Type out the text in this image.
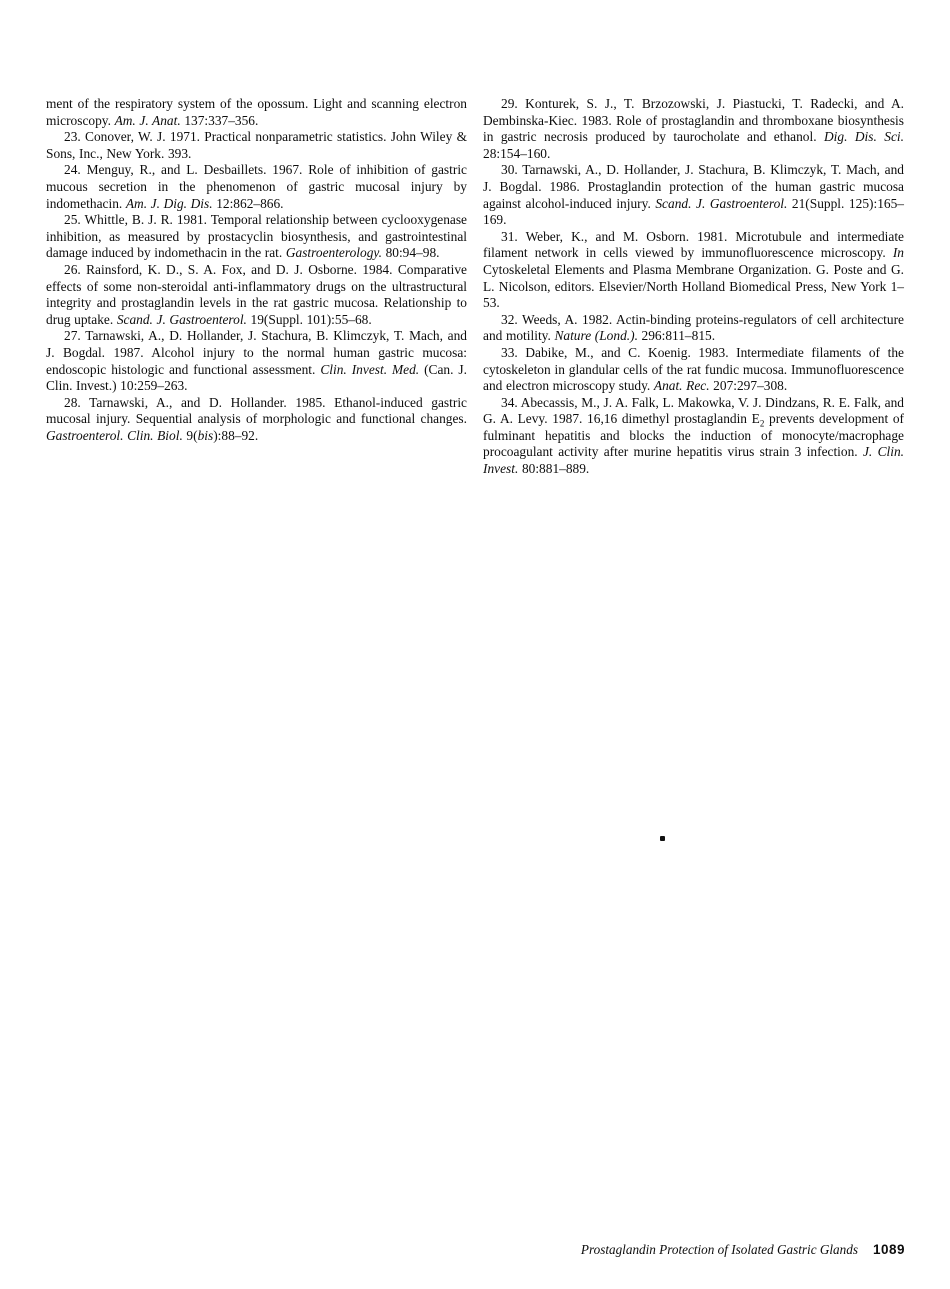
ment of the respiratory system of the opossum. Light and scanning electron microscopy. Am. J. Anat. 137:337–356.

23. Conover, W. J. 1971. Practical nonparametric statistics. John Wiley & Sons, Inc., New York. 393.

24. Menguy, R., and L. Desbaillets. 1967. Role of inhibition of gastric mucous secretion in the phenomenon of gastric mucosal injury by indomethacin. Am. J. Dig. Dis. 12:862–866.

25. Whittle, B. J. R. 1981. Temporal relationship between cyclooxygenase inhibition, as measured by prostacyclin biosynthesis, and gastrointestinal damage induced by indomethacin in the rat. Gastroenterology. 80:94–98.

26. Rainsford, K. D., S. A. Fox, and D. J. Osborne. 1984. Comparative effects of some non-steroidal anti-inflammatory drugs on the ultrastructural integrity and prostaglandin levels in the rat gastric mucosa. Relationship to drug uptake. Scand. J. Gastroenterol. 19(Suppl. 101):55–68.

27. Tarnawski, A., D. Hollander, J. Stachura, B. Klimczyk, T. Mach, and J. Bogdal. 1987. Alcohol injury to the normal human gastric mucosa: endoscopic histologic and functional assessment. Clin. Invest. Med. (Can. J. Clin. Invest.) 10:259–263.

28. Tarnawski, A., and D. Hollander. 1985. Ethanol-induced gastric mucosal injury. Sequential analysis of morphologic and functional changes. Gastroenterol. Clin. Biol. 9(bis):88–92.

29. Konturek, S. J., T. Brzozowski, J. Piastucki, T. Radecki, and A. Dembinska-Kiec. 1983. Role of prostaglandin and thromboxane biosynthesis in gastric necrosis produced by taurocholate and ethanol. Dig. Dis. Sci. 28:154–160.

30. Tarnawski, A., D. Hollander, J. Stachura, B. Klimczyk, T. Mach, and J. Bogdal. 1986. Prostaglandin protection of the human gastric mucosa against alcohol-induced injury. Scand. J. Gastroenterol. 21(Suppl. 125):165–169.

31. Weber, K., and M. Osborn. 1981. Microtubule and intermediate filament network in cells viewed by immunofluorescence microscopy. In Cytoskeletal Elements and Plasma Membrane Organization. G. Poste and G. L. Nicolson, editors. Elsevier/North Holland Biomedical Press, New York 1–53.

32. Weeds, A. 1982. Actin-binding proteins-regulators of cell architecture and motility. Nature (Lond.). 296:811–815.

33. Dabike, M., and C. Koenig. 1983. Intermediate filaments of the cytoskeleton in glandular cells of the rat fundic mucosa. Immunofluorescence and electron microscopy study. Anat. Rec. 207:297–308.

34. Abecassis, M., J. A. Falk, L. Makowka, V. J. Dindzans, R. E. Falk, and G. A. Levy. 1987. 16,16 dimethyl prostaglandin $E_2$ prevents development of fulminant hepatitis and blocks the induction of monocyte/macrophage procoagulant activity after murine hepatitis virus strain 3 infection. J. Clin. Invest. 80:881–889.

Prostaglandin Protection of Isolated Gastric Glands 1089
